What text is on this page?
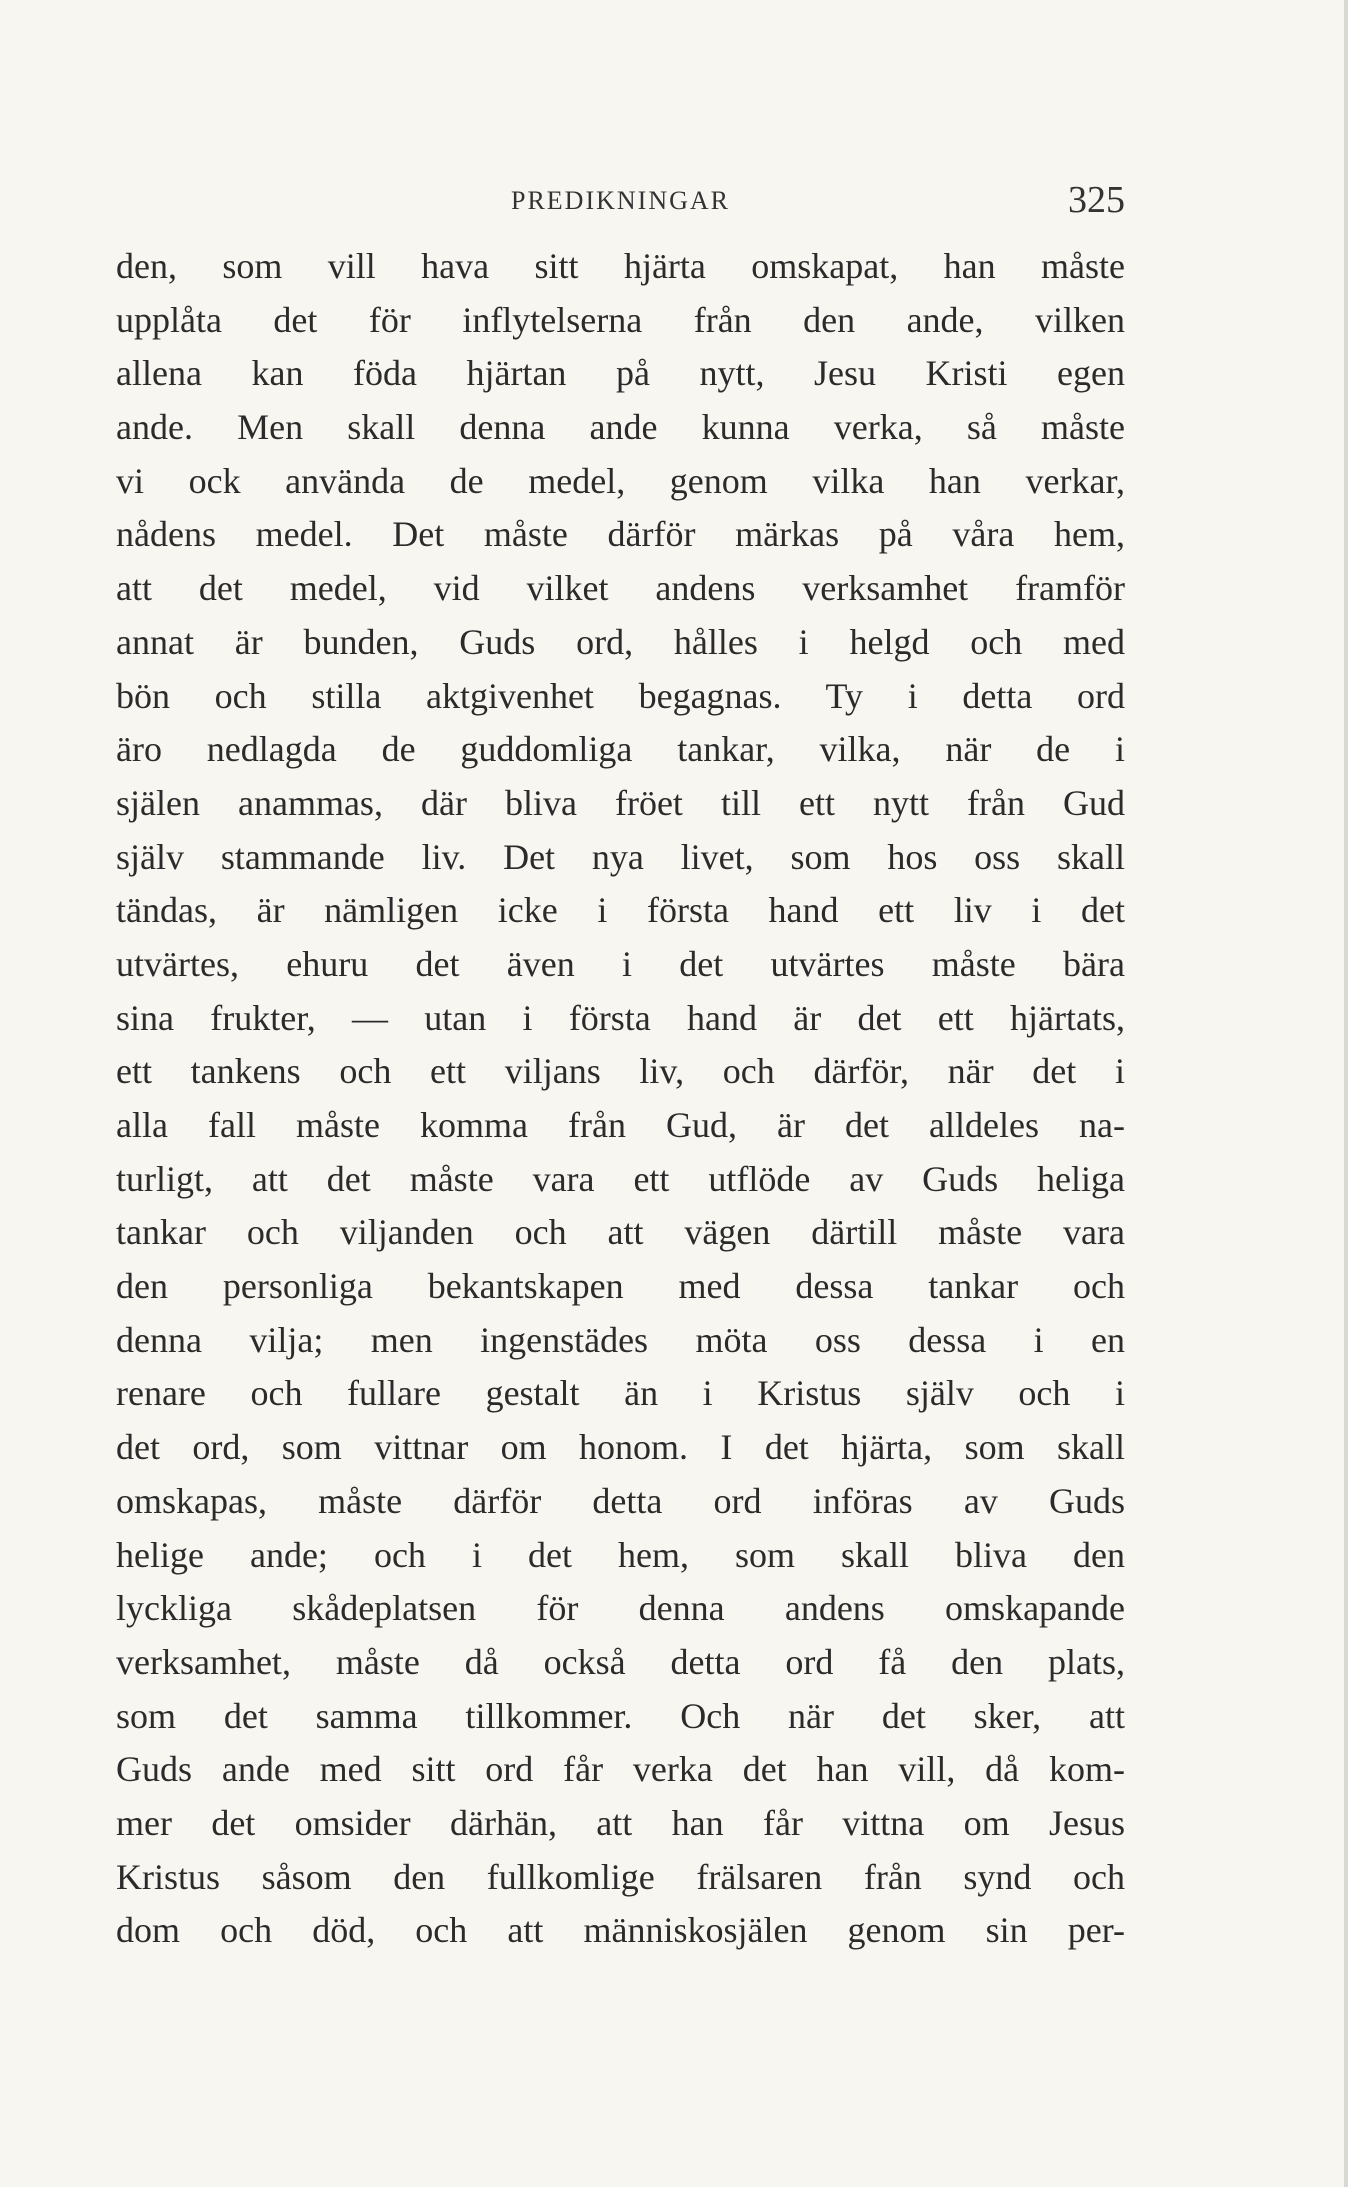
PREDIKNINGAR	325
den, som vill hava sitt hjärta omskapat, han måste
upplåta det för inflytelserna från den ande, vilken
allena kan föda hjärtan på nytt, Jesu Kristi egen
ande. Men skall denna ande kunna verka, så måste
vi ock använda de medel, genom vilka han verkar,
nådens medel. Det måste därför märkas på våra hem,
att det medel, vid vilket andens verksamhet framför
annat är bunden, Guds ord, hålles i helgd och med
bön och stilla aktgivenhet begagnas. Ty i detta ord
äro nedlagda de guddomliga tankar, vilka, när de i
själen anammas, där bliva fröet till ett nytt från Gud
själv stammande liv. Det nya livet, som hos oss skall
tändas, är nämligen icke i första hand ett liv i det
utvärtes, ehuru det även i det utvärtes måste bära
sina frukter, — utan i första hand är det ett hjärtats,
ett tankens och ett viljans liv, och därför, när det i
alla fall måste komma från Gud, är det alldeles na-
turligt, att det måste vara ett utflöde av Guds heliga
tankar och viljanden och att vägen därtill måste vara
den personliga bekantskapen med dessa tankar och
denna vilja; men ingenstädes möta oss dessa i en
renare och fullare gestalt än i Kristus själv och i
det ord, som vittnar om honom. I det hjärta, som skall
omskapas, måste därför detta ord införas av Guds
helige ande; och i det hem, som skall bliva den
lyckliga skådeplatsen för denna andens omskapande
verksamhet, måste då också detta ord få den plats,
som det samma tillkommer. Och när det sker, att
Guds ande med sitt ord får verka det han vill, då kom-
mer det omsider därhän, att han får vittna om Jesus
Kristus såsom den fullkomlige frälsaren från synd och
dom och död, och att människosjälen genom sin per-
